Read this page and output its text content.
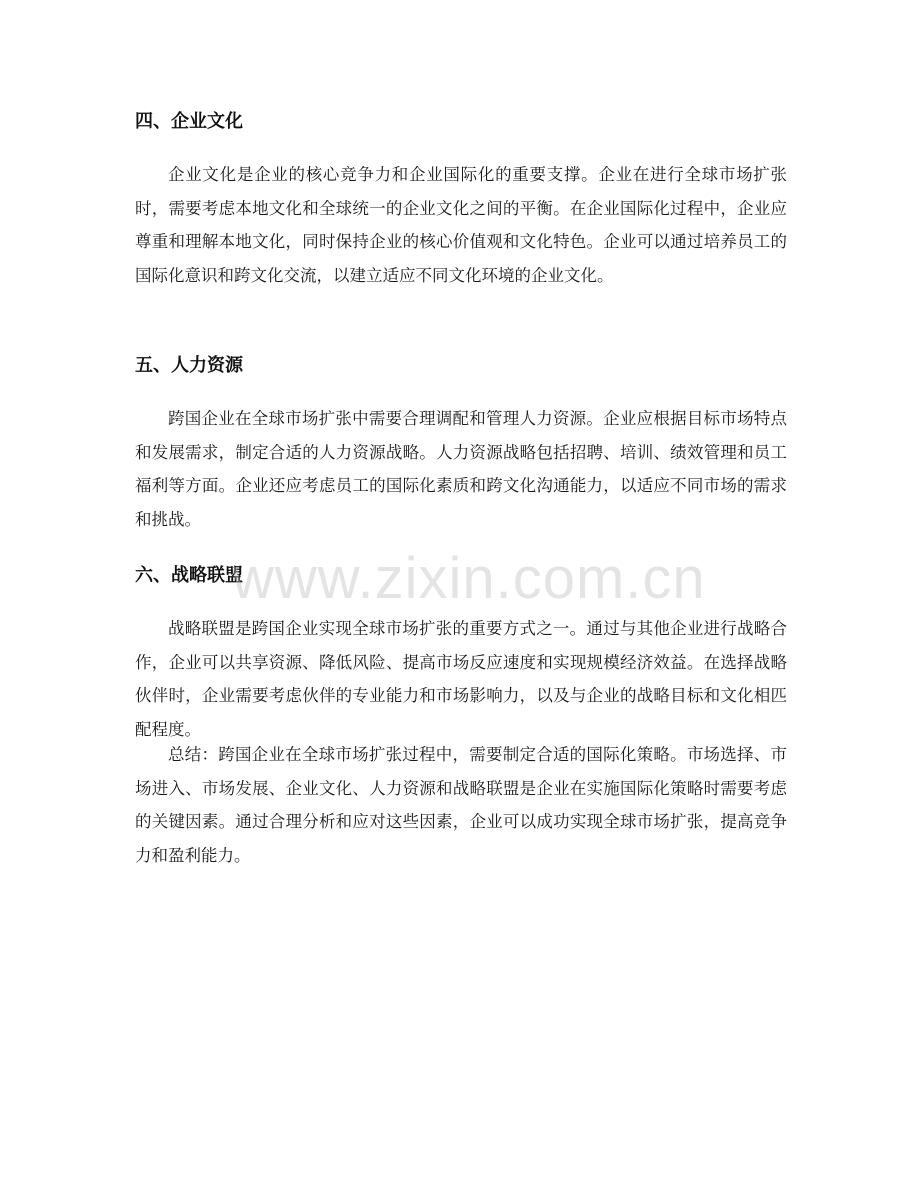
四、企业文化

企业文化是企业的核心竞争力和企业国际化的重要支撑。企业在进行全球市场扩张时，需要考虑本地文化和全球统一的企业文化之间的平衡。在企业国际化过程中，企业应尊重和理解本地文化，同时保持企业的核心价值观和文化特色。企业可以通过培养员工的国际化意识和跨文化交流，以建立适应不同文化环境的企业文化。

五、人力资源

跨国企业在全球市场扩张中需要合理调配和管理人力资源。企业应根据目标市场特点和发展需求，制定合适的人力资源战略。人力资源战略包括招聘、培训、绩效管理和员工福利等方面。企业还应考虑员工的国际化素质和跨文化沟通能力，以适应不同市场的需求和挑战。

六、战略联盟

战略联盟是跨国企业实现全球市场扩张的重要方式之一。通过与其他企业进行战略合作，企业可以共享资源、降低风险、提高市场反应速度和实现规模经济效益。在选择战略伙伴时，企业需要考虑伙伴的专业能力和市场影响力，以及与企业的战略目标和文化相匹配程度。

总结：跨国企业在全球市场扩张过程中，需要制定合适的国际化策略。市场选择、市场进入、市场发展、企业文化、人力资源和战略联盟是企业在实施国际化策略时需要考虑的关键因素。通过合理分析和应对这些因素，企业可以成功实现全球市场扩张，提高竞争力和盈利能力。

www.zixin.com.cn
